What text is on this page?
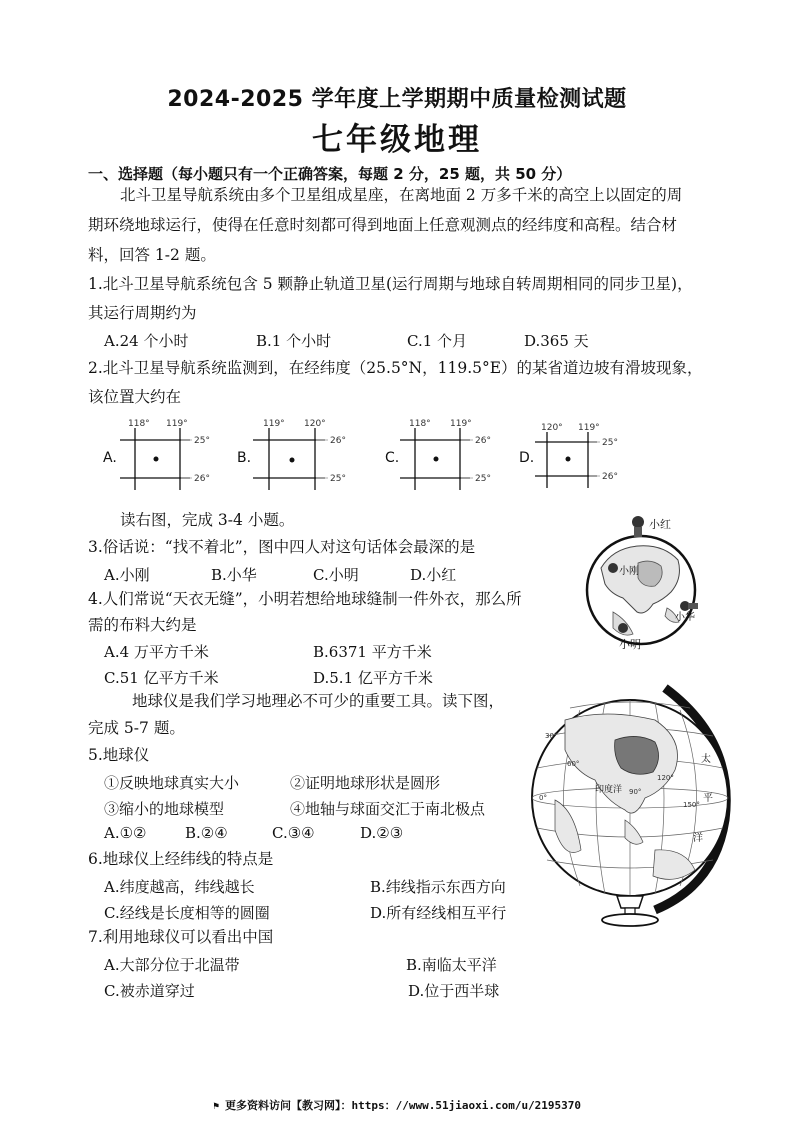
2024-2025 学年度上学期期中质量检测试题
七年级地理
一、选择题（每小题只有一个正确答案，每题 2 分，25 题，共 50 分）
北斗卫星导航系统由多个卫星组成星座，在离地面 2 万多千米的高空上以固定的周
期环绕地球运行，使得在任意时刻都可得到地面上任意观测点的经纬度和高程。结合材
料，回答 1-2 题。
1.北斗卫星导航系统包含 5 颗静止轨道卫星(运行周期与地球自转周期相同的同步卫星)，
其运行周期约为
A.24 个小时	B.1 个小时	C.1 个月	D.365 天
2.北斗卫星导航系统监测到，在经纬度（25.5°N，119.5°E）的某省道边坡有滑坡现象，
该位置大约在
A.
118° 119°
25°
26°
B.
119° 120°
26°
25°
C.
118° 119°
26°
25°
D.
120° 119°
25°
26°
读右图，完成 3-4 小题。
3.俗话说：“找不着北”，图中四人对这句话体会最深的是
A.小刚	B.小华	C.小明	D.小红
4.人们常说“天衣无缝”，小明若想给地球缝制一件外衣，那么所
需的布料大约是
A.4 万平方千米	B.6371 平方千米
C.51 亿平方千米	D.5.1 亿平方千米
小红
小刚
小华
小明
地球仪是我们学习地理必不可少的重要工具。读下图，
完成 5-7 题。
5.地球仪
①反映地球真实大小	②证明地球形状是圆形
③缩小的地球模型	④地轴与球面交汇于南北极点
A.①②	B.②④	C.③④	D.②③
6.地球仪上经纬线的特点是
A.纬度越高，纬线越长	B.纬线指示东西方向
C.经线是长度相等的圆圈	D.所有经线相互平行
7.利用地球仪可以看出中国
A.大部分位于北温带	B.南临太平洋
C.被赤道穿过	D.位于西半球
太
平
洋
印度洋
150°
120°
90°
60°
30°
0°
⚑ 更多资料访问【教习网】：https：//www.51jiaoxi.com/u/2195370
